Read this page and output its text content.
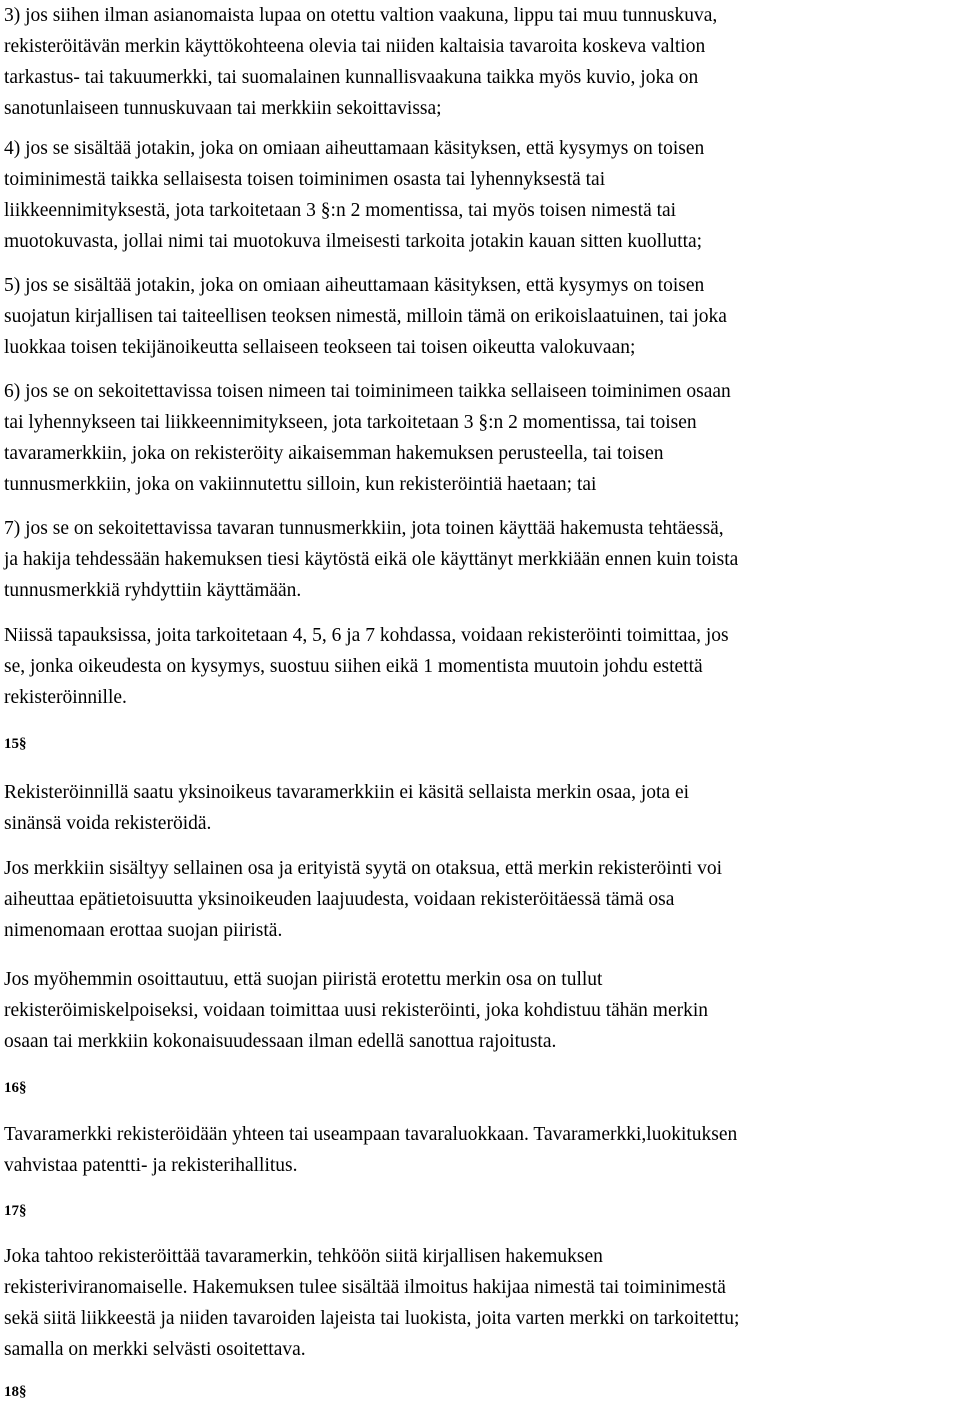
3) jos siihen ilman asianomaista lupaa on otettu valtion vaakuna, lippu tai muu tunnuskuva,
rekisteröitävän merkin käyttökohteena olevia tai niiden kaltaisia tavaroita koskeva valtion
tarkastus- tai takuumerkki, tai suomalainen kunnallisvaakuna taikka myös kuvio, joka on
sanotunlaiseen tunnuskuvaan tai merkkiin sekoittavissa;

4) jos se sisältää jotakin, joka on omiaan aiheuttamaan käsityksen, että kysymys on toisen
toiminimestä taikka sellaisesta toisen toiminimen osasta tai lyhennyksestä tai
liikkeennimityksestä, jota tarkoitetaan 3 §:n 2 momentissa, tai myös toisen nimestä tai
muotokuvasta, jollai nimi tai muotokuva ilmeisesti tarkoita jotakin kauan sitten kuollutta;

5) jos se sisältää jotakin, joka on omiaan aiheuttamaan käsityksen, että kysymys on toisen
suojatun kirjallisen tai taiteellisen teoksen nimestä, milloin tämä on erikoislaatuinen, tai joka
luokkaa toisen tekijänoikeutta sellaiseen teokseen tai toisen oikeutta valokuvaan;

6) jos se on sekoitettavissa toisen nimeen tai toiminimeen taikka sellaiseen toiminimen osaan
tai lyhennykseen tai liikkeennimitykseen, jota tarkoitetaan 3 §:n 2 momentissa, tai toisen
tavaramerkkiin, joka on rekisteröity aikaisemman hakemuksen perusteella, tai toisen
tunnusmerkkiin, joka on vakiinnutettu silloin, kun rekisteröintiä haetaan; tai

7) jos se on sekoitettavissa tavaran tunnusmerkkiin, jota toinen käyttää hakemusta tehtäessä,
ja hakija tehdessään hakemuksen tiesi käytöstä eikä ole käyttänyt merkkiään ennen kuin toista
tunnusmerkkiä ryhdyttiin käyttämään.

Niissä tapauksissa, joita tarkoitetaan 4, 5, 6 ja 7 kohdassa, voidaan rekisteröinti toimittaa, jos
se, jonka oikeudesta on kysymys, suostuu siihen eikä 1 momentista muutoin johdu estettä
rekisteröinnille.

15§

Rekisteröinnillä saatu yksinoikeus tavaramerkkiin ei käsitä sellaista merkin osaa, jota ei
sinänsä voida rekisteröidä.

Jos merkkiin sisältyy sellainen osa ja erityistä syytä on otaksua, että merkin rekisteröinti voi
aiheuttaa epätietoisuutta yksinoikeuden laajuudesta, voidaan rekisteröitäessä tämä osa
nimenomaan erottaa suojan piiristä.

Jos myöhemmin osoittautuu, että suojan piiristä erotettu merkin osa on tullut
rekisteröimiskelpoiseksi, voidaan toimittaa uusi rekisteröinti, joka kohdistuu tähän merkin
osaan tai merkkiin kokonaisuudessaan ilman edellä sanottua rajoitusta.

16§

Tavaramerkki rekisteröidään yhteen tai useampaan tavaraluokkaan. Tavaramerkki,luokituksen
vahvistaa patentti- ja rekisterihallitus.

17§

Joka tahtoo rekisteröittää tavaramerkin, tehköön siitä kirjallisen hakemuksen
rekisteriviranomaiselle. Hakemuksen tulee sisältää ilmoitus hakijaa nimestä tai toiminimestä
sekä siitä liikkeestä ja niiden tavaroiden lajeista tai luokista, joita varten merkki on tarkoitettu;
samalla on merkki selvästi osoitettava.

18§
